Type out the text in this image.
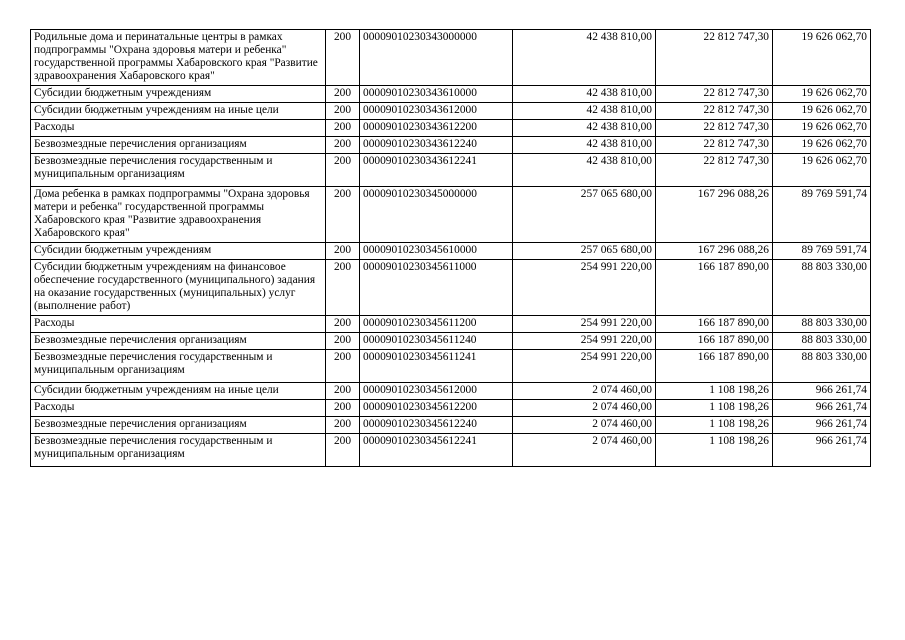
Родильные дома и перинатальные центры в рамках подпрограммы "Охрана здоровья матери и ребенка" государственной программы Хабаровского края "Развитие здравоохранения Хабаровского края"	200	00009010230343000000	42 438 810,00	22 812 747,30	19 626 062,70
Субсидии бюджетным учреждениям	200	00009010230343610000	42 438 810,00	22 812 747,30	19 626 062,70
Субсидии бюджетным учреждениям на иные цели	200	00009010230343612000	42 438 810,00	22 812 747,30	19 626 062,70
Расходы	200	00009010230343612200	42 438 810,00	22 812 747,30	19 626 062,70
Безвозмездные перечисления организациям	200	00009010230343612240	42 438 810,00	22 812 747,30	19 626 062,70
Безвозмездные перечисления государственным и муниципальным организациям	200	00009010230343612241	42 438 810,00	22 812 747,30	19 626 062,70
Дома ребенка в рамках подпрограммы "Охрана здоровья матери и ребенка" государственной программы Хабаровского края "Развитие здравоохранения Хабаровского края"	200	00009010230345000000	257 065 680,00	167 296 088,26	89 769 591,74
Субсидии бюджетным учреждениям	200	00009010230345610000	257 065 680,00	167 296 088,26	89 769 591,74
Субсидии бюджетным учреждениям на финансовое обеспечение государственного (муниципального) задания на оказание государственных (муниципальных) услуг (выполнение работ)	200	00009010230345611000	254 991 220,00	166 187 890,00	88 803 330,00
Расходы	200	00009010230345611200	254 991 220,00	166 187 890,00	88 803 330,00
Безвозмездные перечисления организациям	200	00009010230345611240	254 991 220,00	166 187 890,00	88 803 330,00
Безвозмездные перечисления государственным и муниципальным организациям	200	00009010230345611241	254 991 220,00	166 187 890,00	88 803 330,00
Субсидии бюджетным учреждениям на иные цели	200	00009010230345612000	2 074 460,00	1 108 198,26	966 261,74
Расходы	200	00009010230345612200	2 074 460,00	1 108 198,26	966 261,74
Безвозмездные перечисления организациям	200	00009010230345612240	2 074 460,00	1 108 198,26	966 261,74
Безвозмездные перечисления государственным и муниципальным организациям	200	00009010230345612241	2 074 460,00	1 108 198,26	966 261,74
